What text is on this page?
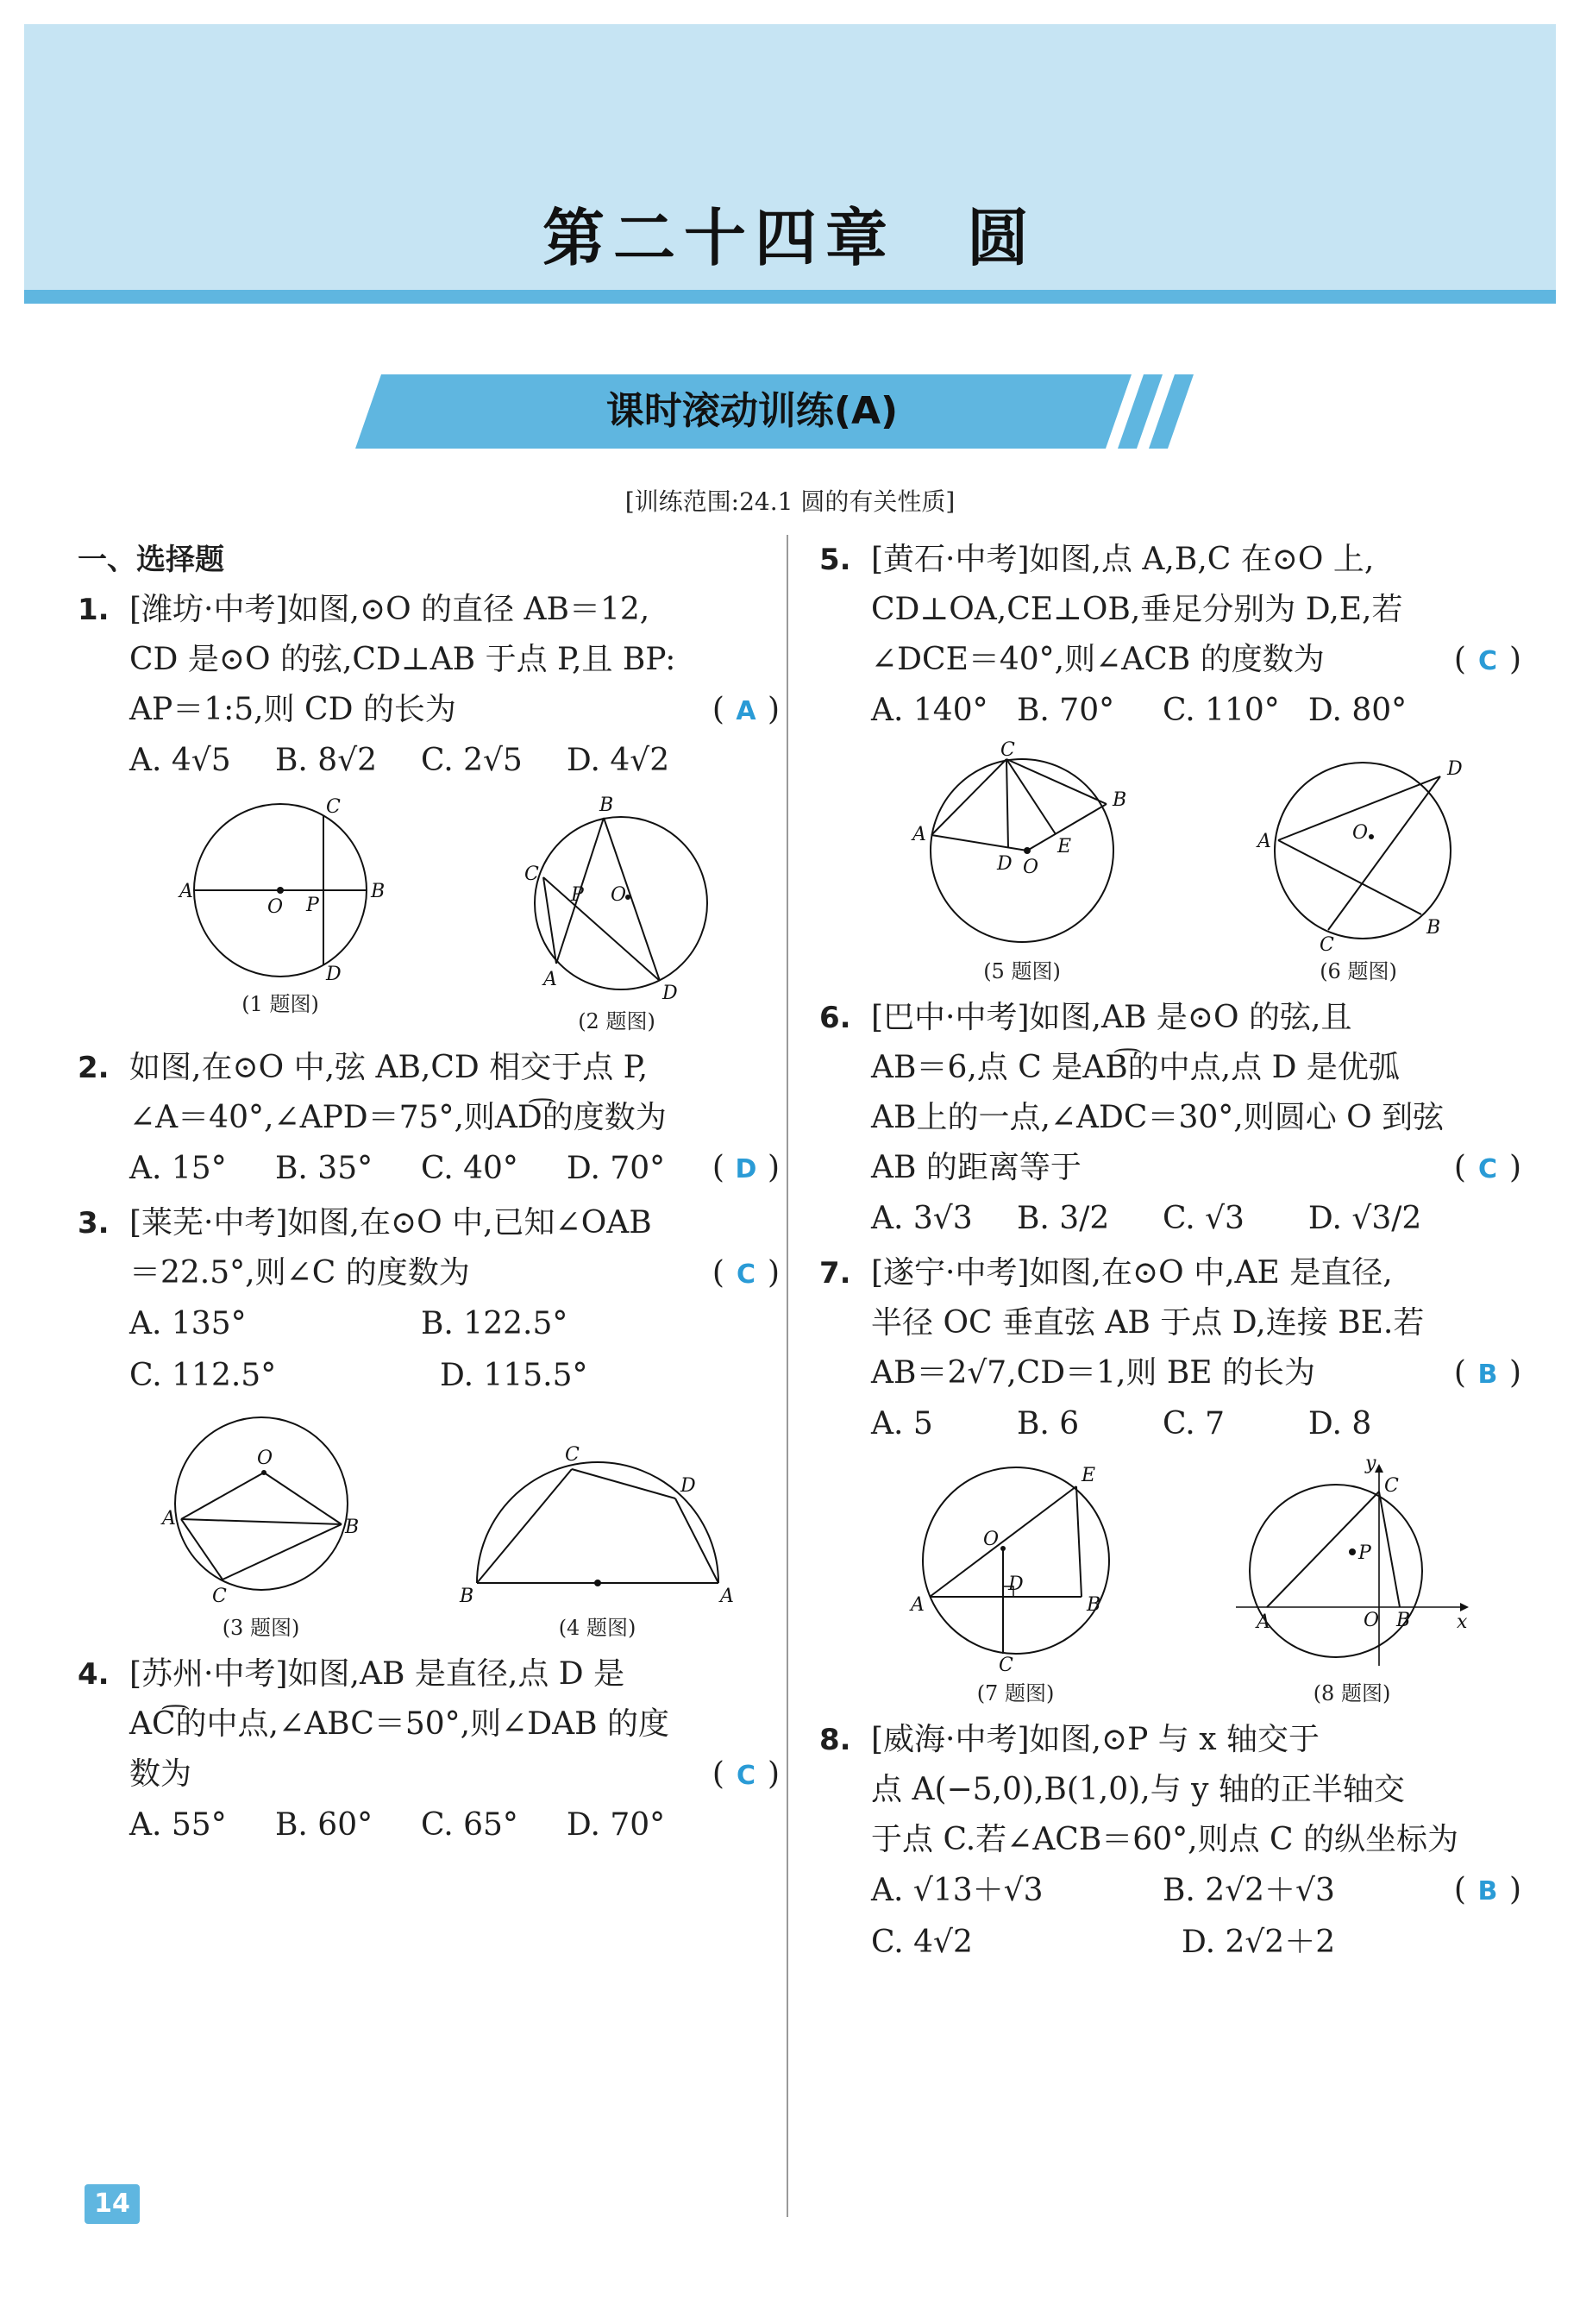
第二十四章　圆
课时滚动训练(A)
[训练范围:24.1 圆的有关性质]
一、选择题
1. [潍坊·中考]如图,⊙O 的直径 AB＝12,
CD 是⊙O 的弦,CD⊥AB 于点 P,且 BP:
AP＝1:5,则 CD 的长为	( A )
A. 4√5	B. 8√2	C. 2√5	D. 4√2
A	B
C
D
O P
(1 题图)
B
C
A
D
O
P
(2 题图)
2. 如图,在⊙O 中,弦 AB,CD 相交于点 P,
∠A＝40°,∠APD＝75°,则AD͡的度数为
( D )
A. 15°	B. 35°	C. 40°	D. 70°
3. [莱芜·中考]如图,在⊙O 中,已知∠OAB
＝22.5°,则∠C 的度数为	( C )
A. 135°	B. 122.5°
C. 112.5°	D. 115.5°
O
A	B
C
(3 题图)
B	A
C
D
(4 题图)
4. [苏州·中考]如图,AB 是直径,点 D 是
AC͡的中点,∠ABC＝50°,则∠DAB 的度
数为	( C )
A. 55°	B. 60°	C. 65°	D. 70°
5. [黄石·中考]如图,点 A,B,C 在⊙O 上,
CD⊥OA,CE⊥OB,垂足分别为 D,E,若
∠DCE＝40°,则∠ACB 的度数为	( C )
A. 140° B. 70°	C. 110° D. 80°
C
A
B
D
E
O
(5 题图)
D
A
B
C
O
(6 题图)
6. [巴中·中考]如图,AB 是⊙O 的弦,且
AB＝6,点 C 是AB͡的中点,点 D 是优弧
AB上的一点,∠ADC＝30°,则圆心 O 到弦
AB 的距离等于	( C )
A. 3√3	B. 3/2	C. √3	D. √3/2
7. [遂宁·中考]如图,在⊙O 中,AE 是直径,
半径 OC 垂直弦 AB 于点 D,连接 BE.若
AB＝2√7,CD＝1,则 BE 的长为	( B )
A. 5	B. 6	C. 7	D. 8
E
O
A	B
D
C
(7 题图)
y
C
P
A	O B x
(8 题图)
8. [威海·中考]如图,⊙P 与 x 轴交于
点 A(−5,0),B(1,0),与 y 轴的正半轴交
于点 C.若∠ACB＝60°,则点 C 的纵坐标为
( B )
A. √13＋√3	B. 2√2＋√3
C. 4√2	D. 2√2＋2
14
